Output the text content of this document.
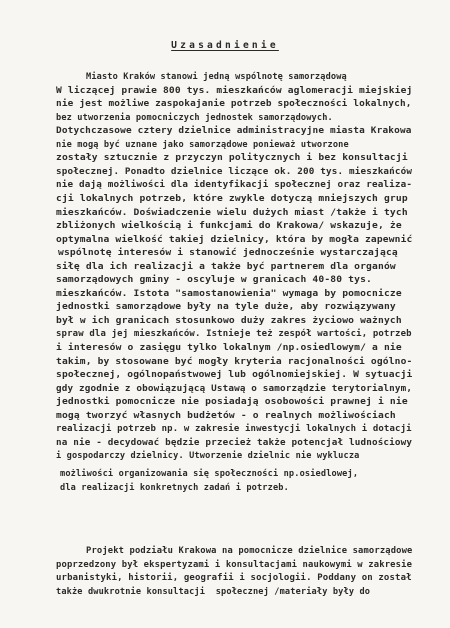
Uzasadnienie
Miasto Kraków stanowi jedną wspólnotę samorządową
W liczącej prawie 800 tys. mieszkańców aglomeracji miejskiej
nie jest możliwe zaspokajanie potrzeb społeczności lokalnych,
bez utworzenia pomocniczych jednostek samorządowych.
Dotychczasowe cztery dzielnice administracyjne miasta Krakowa
nie mogą być uznane jako samorządowe ponieważ utworzone
zostały sztucznie z przyczyn politycznych i bez konsultacji
społecznej. Ponadto dzielnice liczące ok. 200 tys. mieszkańców
nie dają możliwości dla identyfikacji społecznej oraz realiza-
cji lokalnych potrzeb, które zwykle dotyczą mniejszych grup
mieszkańców. Doświadczenie wielu dużych miast /także i tych
zbliżonych wielkością i funkcjami do Krakowa/ wskazuje, że
optymalna wielkość takiej dzielnicy, która by mogła zapewnić
wspólnotę interesów i stanowić jednocześnie wystarczającą
siłę dla ich realizacji a także być partnerem dla organów
samorządowych gminy - oscyluje w granicach 40-80 tys.
mieszkańców. Istota "samostanowienia" wymaga by pomocnicze
jednostki samorządowe były na tyle duże, aby rozwiązywany
był w ich granicach stosunkowo duży zakres życiowo ważnych
spraw dla jej mieszkańców. Istnieje też zespół wartości, potrzeb
i interesów o zasięgu tylko lokalnym /np.osiedlowym/ a nie
takim, by stosowane być mogły kryteria racjonalności ogólno-
społecznej, ogólnopaństwowej lub ogólnomiejskiej. W sytuacji
gdy zgodnie z obowiązującą Ustawą o samorządzie terytorialnym,
jednostki pomocnicze nie posiadają osobowości prawnej i nie
mogą tworzyć własnych budżetów - o realnych możliwościach
realizacji potrzeb np. w zakresie inwestycji lokalnych i dotacji
na nie - decydować będzie przecież także potencjał ludnościowy
i gospodarczy dzielnicy. Utworzenie dzielnic nie wyklucza
możliwości organizowania się społeczności np.osiedlowej,
dla realizacji konkretnych zadań i potrzeb.
Projekt podziału Krakowa na pomocnicze dzielnice samorządowe
poprzedzony był ekspertyzami i konsultacjami naukowymi w zakresie
urbanistyki, historii, geografii i socjologii. Poddany on został
także dwukrotnie konsultacji  społecznej /materiały były do
